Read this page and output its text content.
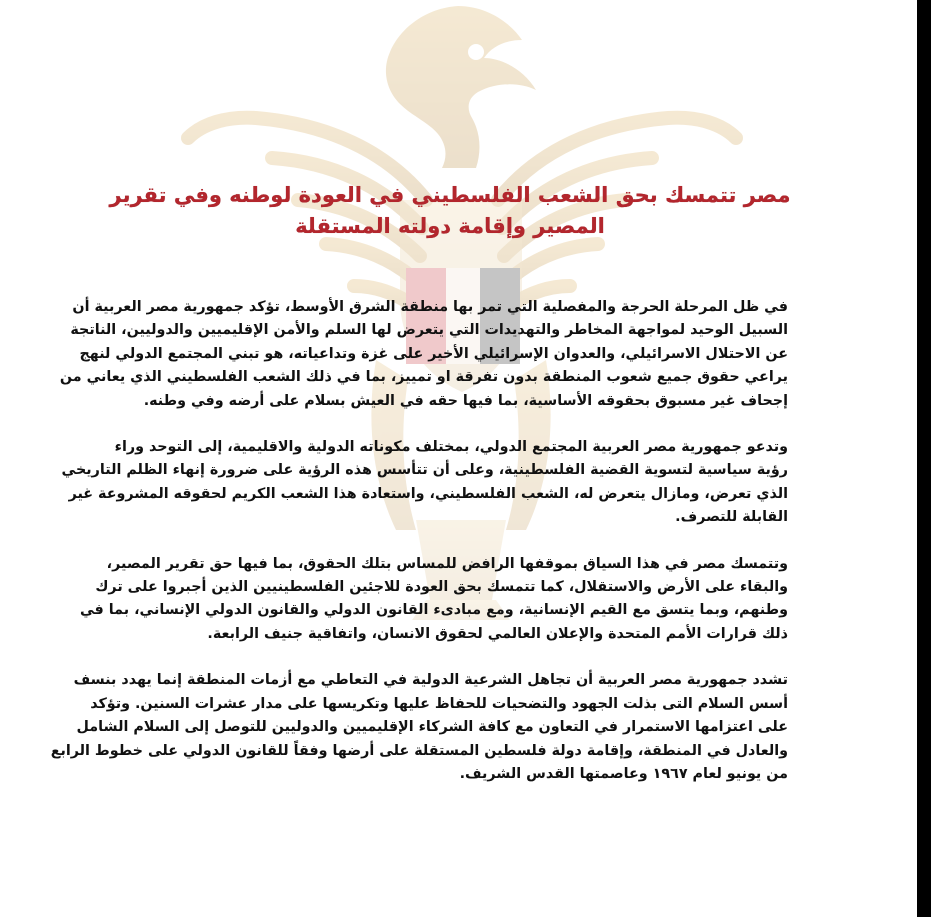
مصر تتمسك بحق الشعب الفلسطيني في العودة لوطنه وفي تقرير
المصير وإقامة دولته المستقلة

في ظل المرحلة الحرجة والمفصلية التي تمر بها منطقة الشرق الأوسط، تؤكد جمهورية مصر العربية أن
السبيل الوحيد لمواجهة المخاطر والتهديدات التي يتعرض لها السلم والأمن الإقليميين والدوليين، الناتجة
عن الاحتلال الاسرائيلي، والعدوان الإسرائيلي الأخير على غزة وتداعياته، هو تبني المجتمع الدولي لنهج
يراعي حقوق جميع شعوب المنطقة بدون تفرقة او تمييز، بما في ذلك الشعب الفلسطيني الذي يعاني من
إجحاف غير مسبوق بحقوقه الأساسية، بما فيها حقه في العيش بسلام على أرضه وفي وطنه.

وتدعو جمهورية مصر العربية المجتمع الدولي، بمختلف مكوناته الدولية والاقليمية، إلى التوحد وراء
رؤية سياسية لتسوية القضية الفلسطينية، وعلى أن تتأسس هذه الرؤية على ضرورة إنهاء الظلم التاريخي
الذي تعرض، ومازال يتعرض له، الشعب الفلسطيني، واستعادة هذا الشعب الكريم لحقوقه المشروعة غير
القابلة للتصرف.

وتتمسك مصر في هذا السياق بموقفها الرافض للمساس بتلك الحقوق، بما فيها حق تقرير المصير،
والبقاء على الأرض والاستقلال، كما تتمسك بحق العودة للاجئين الفلسطينيين الذين أجبروا على ترك
وطنهم، وبما يتسق مع القيم الإنسانية، ومع مبادىء القانون الدولي والقانون الدولي الإنساني، بما في
ذلك قرارات الأمم المتحدة والإعلان العالمي لحقوق الانسان، واتفاقية جنيف الرابعة.

تشدد جمهورية مصر العربية أن تجاهل الشرعية الدولية في التعاطي مع أزمات المنطقة إنما يهدد بنسف
أسس السلام التى بذلت الجهود والتضحيات للحفاظ عليها وتكريسها على مدار عشرات السنين. وتؤكد
على اعتزامها الاستمرار في التعاون مع كافة الشركاء الإقليميين والدوليين للتوصل إلى السلام الشامل
والعادل في المنطقة، وإقامة دولة فلسطين المستقلة على أرضها وفقاً للقانون الدولي على خطوط الرابع
من يونيو لعام ١٩٦٧ وعاصمتها القدس الشريف.
